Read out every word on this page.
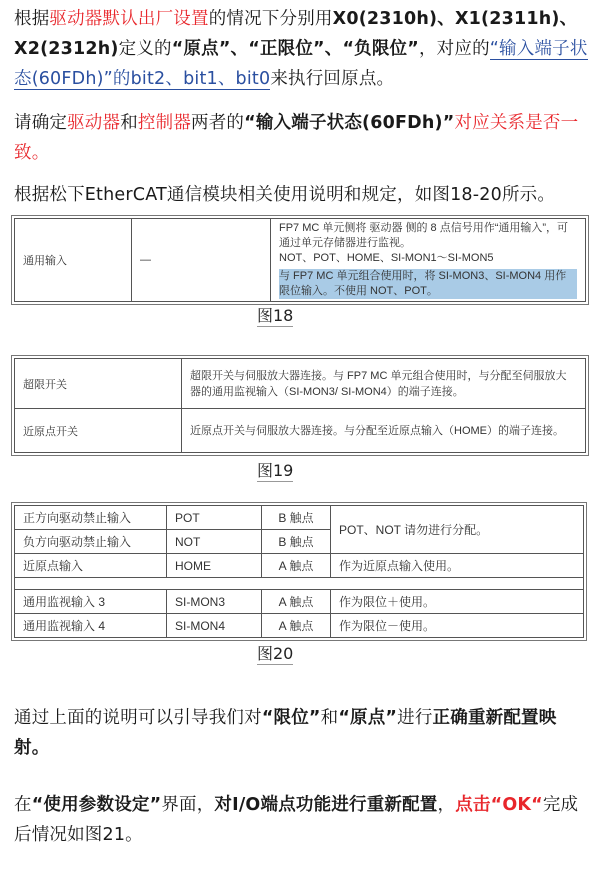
根据驱动器默认出厂设置的情况下分别用X0(2310h)、X1(2311h)、X2(2312h)定义的“原点”、“正限位”、“负限位”，对应的“输入端子状态(60FDh)”的bit2、bit1、bit0来执行回原点。
请确定驱动器和控制器两者的“输入端子状态(60FDh)”对应关系是否一致。
根据松下EtherCAT通信模块相关使用说明和规定，如图18-20所示。
通用输入	—	
FP7 MC 单元侧将 驱动器 侧的 8 点信号用作“通用输入”，可通过单元存储器进行监视。
NOT、POT、HOME、SI-MON1～SI-MON5
与 FP7 MC 单元组合使用时，将 SI-MON3、SI-MON4 用作限位输入。不使用 NOT、POT。
图18
超限开关	超限开关与伺服放大器连接。与 FP7 MC 单元组合使用时，与分配至伺服放大器的通用监视输入（SI-MON3/ SI-MON4）的端子连接。
近原点开关	近原点开关与伺服放大器连接。与分配至近原点输入（HOME）的端子连接。
图19
正方向驱动禁止输入	POT	B 触点	POT、NOT 请勿进行分配。
负方向驱动禁止输入	NOT	B 触点	
近原点输入	HOME	A 触点	作为近原点输入使用。

通用监视输入 3	SI-MON3	A 触点	作为限位＋使用。
通用监视输入 4	SI-MON4	A 触点	作为限位－使用。
图20
通过上面的说明可以引导我们对“限位”和“原点”进行正确重新配置映射。
在“使用参数设定”界面，对I/O端点功能进行重新配置，点击“OK“完成后情况如图21。
